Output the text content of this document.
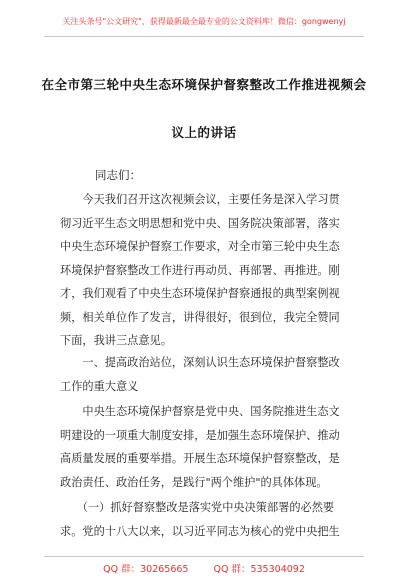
关注头条号"公文研究"，获得最新最全最专业的公文资料库！微信：gongwenyj
在全市第三轮中央生态环境保护督察整改工作推进视频会
议上的讲话
同志们：
　　今天我们召开这次视频会议，主要任务是深入学习贯
彻习近平生态文明思想和党中央、国务院决策部署，落实
中央生态环境保护督察工作要求，对全市第三轮中央生态
环境保护督察整改工作进行再动员、再部署、再推进。刚
才，我们观看了中央生态环境保护督察通报的典型案例视
频，相关单位作了发言，讲得很好，很到位，我完全赞同
下面，我讲三点意见。
　　一、提高政治站位，深刻认识生态环境保护督察整改
工作的重大意义
　　中央生态环境保护督察是党中央、国务院推进生态文
明建设的一项重大制度安排，是加强生态环境保护、推动
高质量发展的重要举措。开展生态环境保护督察整改，是
政治责任、政治任务，是践行"两个维护"的具体体现。
　　（一）抓好督察整改是落实党中央决策部署的必然要
求。党的十八大以来，以习近平同志为核心的党中央把生
QQ 群：30265665 　　 QQ 群：535304092
